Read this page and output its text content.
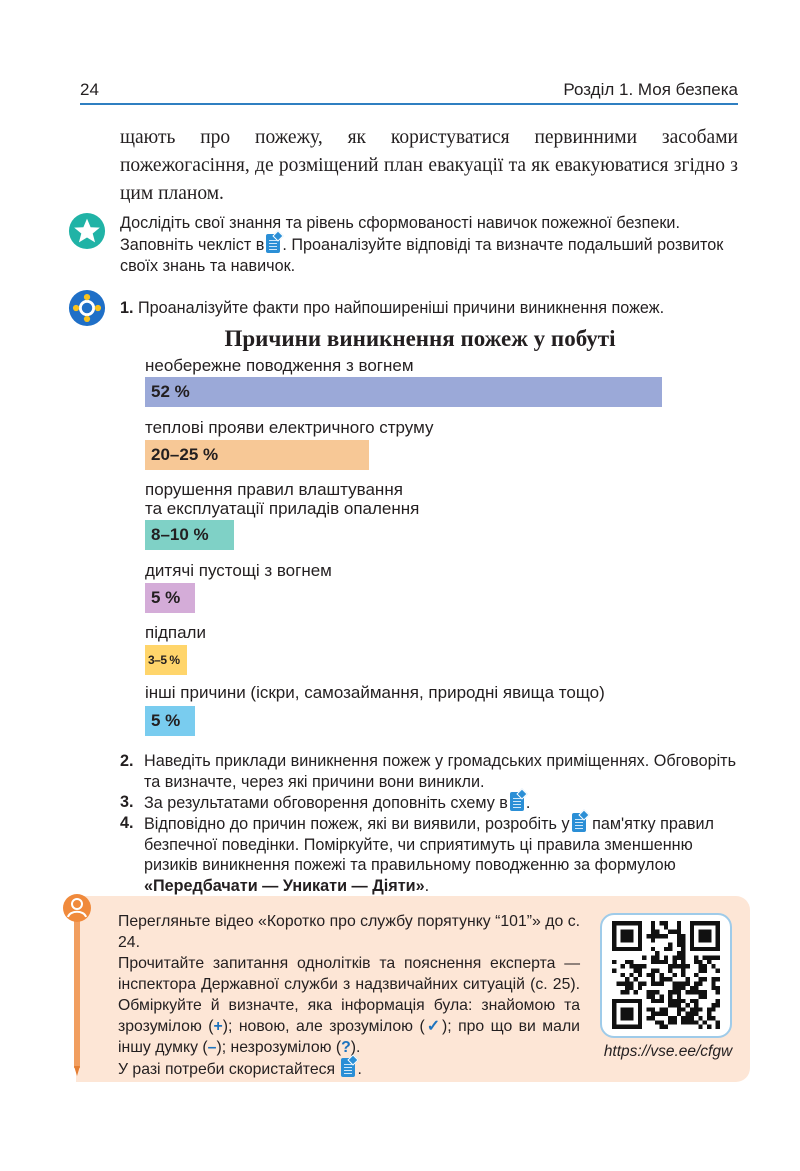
24	Розділ 1. Моя безпека
щають про пожежу, як користуватися первинними засобами пожежогасіння, де розміщений план евакуації та як евакуюватися згідно з цим планом.
Дослідіть свої знання та рівень сформованості навичок пожежної безпеки. Заповніть чекліст в . Проаналізуйте відповіді та визначте подальший розвиток своїх знань та навичок.
1. Проаналізуйте факти про найпоширеніші причини виникнення пожеж.
Причини виникнення пожеж у побуті
необережне поводження з вогнем
52 %
теплові прояви електричного струму
20–25 %
порушення правил влаштування
та експлуатації приладів опалення
8–10 %
дитячі пустощі з вогнем
5 %
підпали
3–5 %
інші причини (іскри, самозаймання, природні явища тощо)
5 %
2. Наведіть приклади виникнення пожеж у громадських приміщеннях. Обговоріть та визначте, через які причини вони виникли.
3. За результатами обговорення доповніть схему в .
4. Відповідно до причин пожеж, які ви виявили, розробіть у пам'ятку правил безпечної поведінки. Поміркуйте, чи сприятимуть ці правила зменшенню ризиків виникнення пожежі та правильному поводженню за формулою «Передбачати — Уникати — Діяти».
Перегляньте відео «Коротко про службу порятунку “101”» до с. 24.
Прочитайте запитання однолітків та пояснення експерта — інспектора Державної служби з надзвичайних ситуацій (с. 25). Обміркуйте й визначте, яка інформація була: знайомою та зрозумілою (+); новою, але зрозумілою (✓); про що ви мали іншу думку (–); незрозумілою (?).
У разі потреби скористайтеся .
https://vse.ee/cfgw
